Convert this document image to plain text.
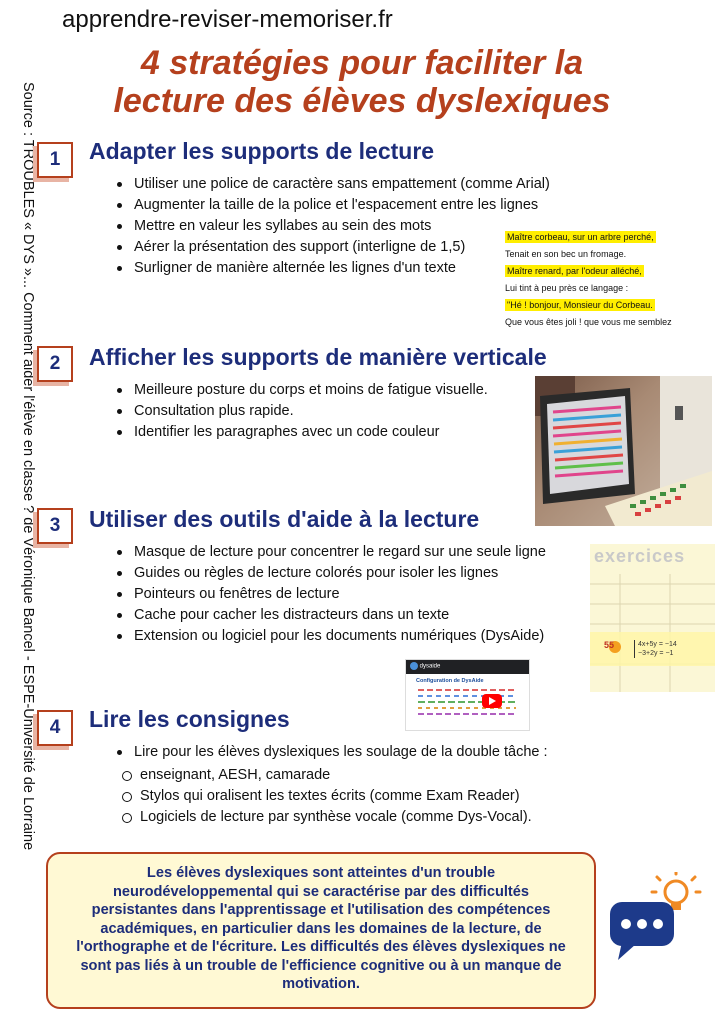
apprendre-reviser-memoriser.fr
4 stratégies pour faciliter la
lecture des élèves dyslexiques
Source : TROUBLES « DYS »... Comment aider l'élève en classe ? de Véronique Bancel - ESPE-Université de Lorraine 1	Adapter les supports de lecture
Utiliser une police de caractère sans empattement (comme Arial)
Augmenter la taille de la police et l'espacement entre les lignes
Mettre en valeur les syllabes au sein des mots
Aérer la présentation des support (interligne de 1,5)
Surligner de manière alternée les lignes d'un texte
Maître corbeau, sur un arbre perché,
Tenait en son bec un fromage.
Maître renard, par l'odeur alléché,
Lui tint à peu près ce langage :
"Hé ! bonjour, Monsieur du Corbeau.
Que vous êtes joli ! que vous me semblez
2	Afficher les supports de manière verticale
Meilleure posture du corps et moins de fatigue visuelle.
Consultation plus rapide.
Identifier les paragraphes avec un code couleur
3	Utiliser des outils d'aide à la lecture
Masque de lecture pour concentrer le regard sur une seule ligne
Guides ou règles de lecture colorés pour isoler les lignes
Pointeurs ou fenêtres de lecture
Cache pour cacher les distracteurs dans un texte
Extension ou logiciel pour les documents numériques (DysAide)
exercices
55	4x+5y = −14
−3+2y = −1
dysaide
Configuration de DysAide
4	Lire les consignes
Lire pour les élèves dyslexiques les soulage de la double tâche :
enseignant, AESH, camarade
Stylos qui oralisent les textes écrits (comme Exam Reader)
Logiciels de lecture par synthèse vocale (comme Dys-Vocal).
Les élèves dyslexiques sont atteintes d'un trouble neurodéveloppemental qui se caractérise par des difficultés persistantes dans l'apprentissage et l'utilisation des compétences académiques, en particulier dans les domaines de la lecture, de l'orthographe et de l'écriture. Les difficultés des élèves dyslexiques ne sont pas liés à un trouble de l'efficience cognitive ou à un manque de motivation.
